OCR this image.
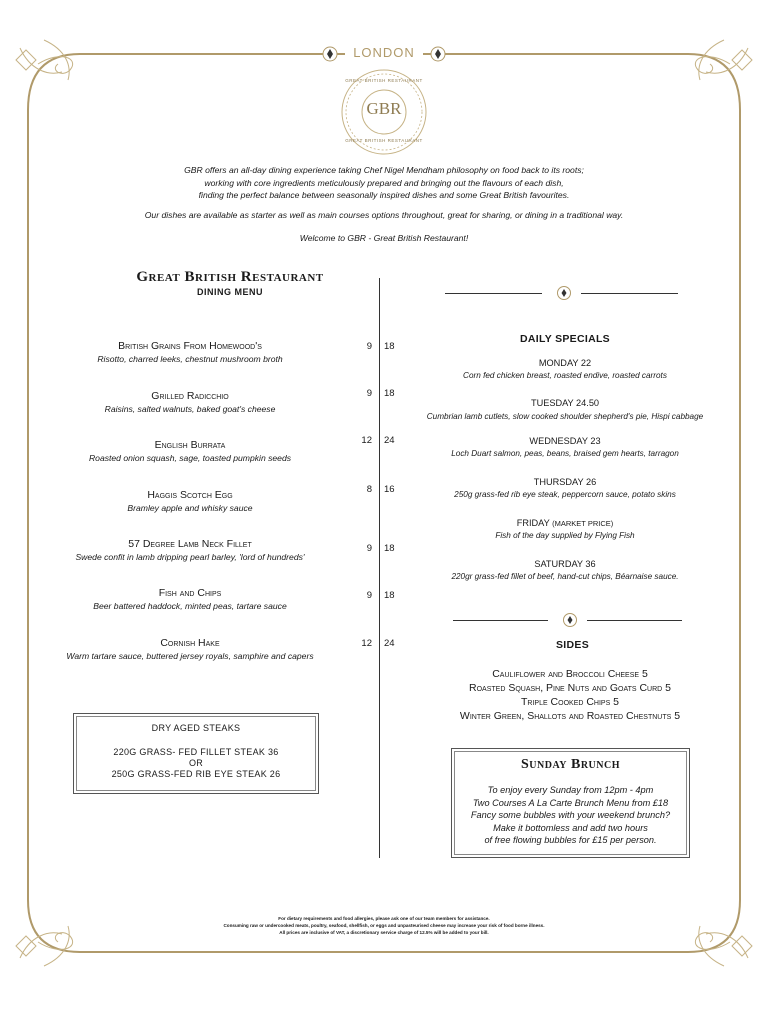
LONDON
GBR
GREAT BRITISH RESTAURANT
GREAT BRITISH RESTAURANT
GBR offers an all-day dining experience taking Chef Nigel Mendham philosophy on food back to its roots;
working with core ingredients meticulously prepared and bringing out the flavours of each dish,
finding the perfect balance between seasonally inspired dishes and some Great British favourites.
Our dishes are available as starter as well as main courses options throughout, great for sharing, or dining in a traditional way.
Welcome to GBR - Great British Restaurant!
Great British Restaurant
DINING MENU
British Grains From Homewood's
Risotto, charred leeks, chestnut mushroom broth
9 18
Grilled Radicchio
Raisins, salted walnuts, baked goat's cheese
9 18
English Burrata
Roasted onion squash, sage, toasted pumpkin seeds
12 24
Haggis Scotch Egg
Bramley apple and whisky sauce
8 16
57 Degree Lamb Neck Fillet
Swede confit in lamb dripping pearl barley, 'lord of hundreds'
9 18
Fish and Chips
Beer battered haddock, minted peas, tartare sauce
9 18
Cornish Hake
Warm tartare sauce, buttered jersey royals, samphire and capers
12 24
DRY AGED STEAKS
220G GRASS- FED FILLET STEAK 36
OR
250G GRASS-FED RIB EYE STEAK 26
DAILY SPECIALS
MONDAY 22
Corn fed chicken breast, roasted endive, roasted carrots
TUESDAY 24.50
Cumbrian lamb cutlets, slow cooked shoulder shepherd's pie, Hispi cabbage
WEDNESDAY 23
Loch Duart salmon, peas, beans, braised gem hearts, tarragon
THURSDAY 26
250g grass-fed rib eye steak, peppercorn sauce, potato skins
FRIDAY (MARKET PRICE)
Fish of the day supplied by Flying Fish
SATURDAY 36
220gr grass-fed fillet of beef, hand-cut chips, Béarnaise sauce.
SIDES
Cauliflower and Broccoli Cheese 5
Roasted Squash, Pine Nuts and Goats Curd 5
Triple Cooked Chips 5
Winter Green, Shallots and Roasted Chestnuts 5
Sunday Brunch
To enjoy every Sunday from 12pm - 4pm
Two Courses A La Carte Brunch Menu from £18
Fancy some bubbles with your weekend brunch?
Make it bottomless and add two hours
of free flowing bubbles for £15 per person.
For dietary requirements and food allergies, please ask one of our team members for assistance.
Consuming raw or undercooked meats, poultry, seafood, shellfish, or eggs and unpasteurised cheese may increase your risk of food borne illness.
All prices are inclusive of VAT, a discretionary service charge of 12.5% will be added to your bill.
